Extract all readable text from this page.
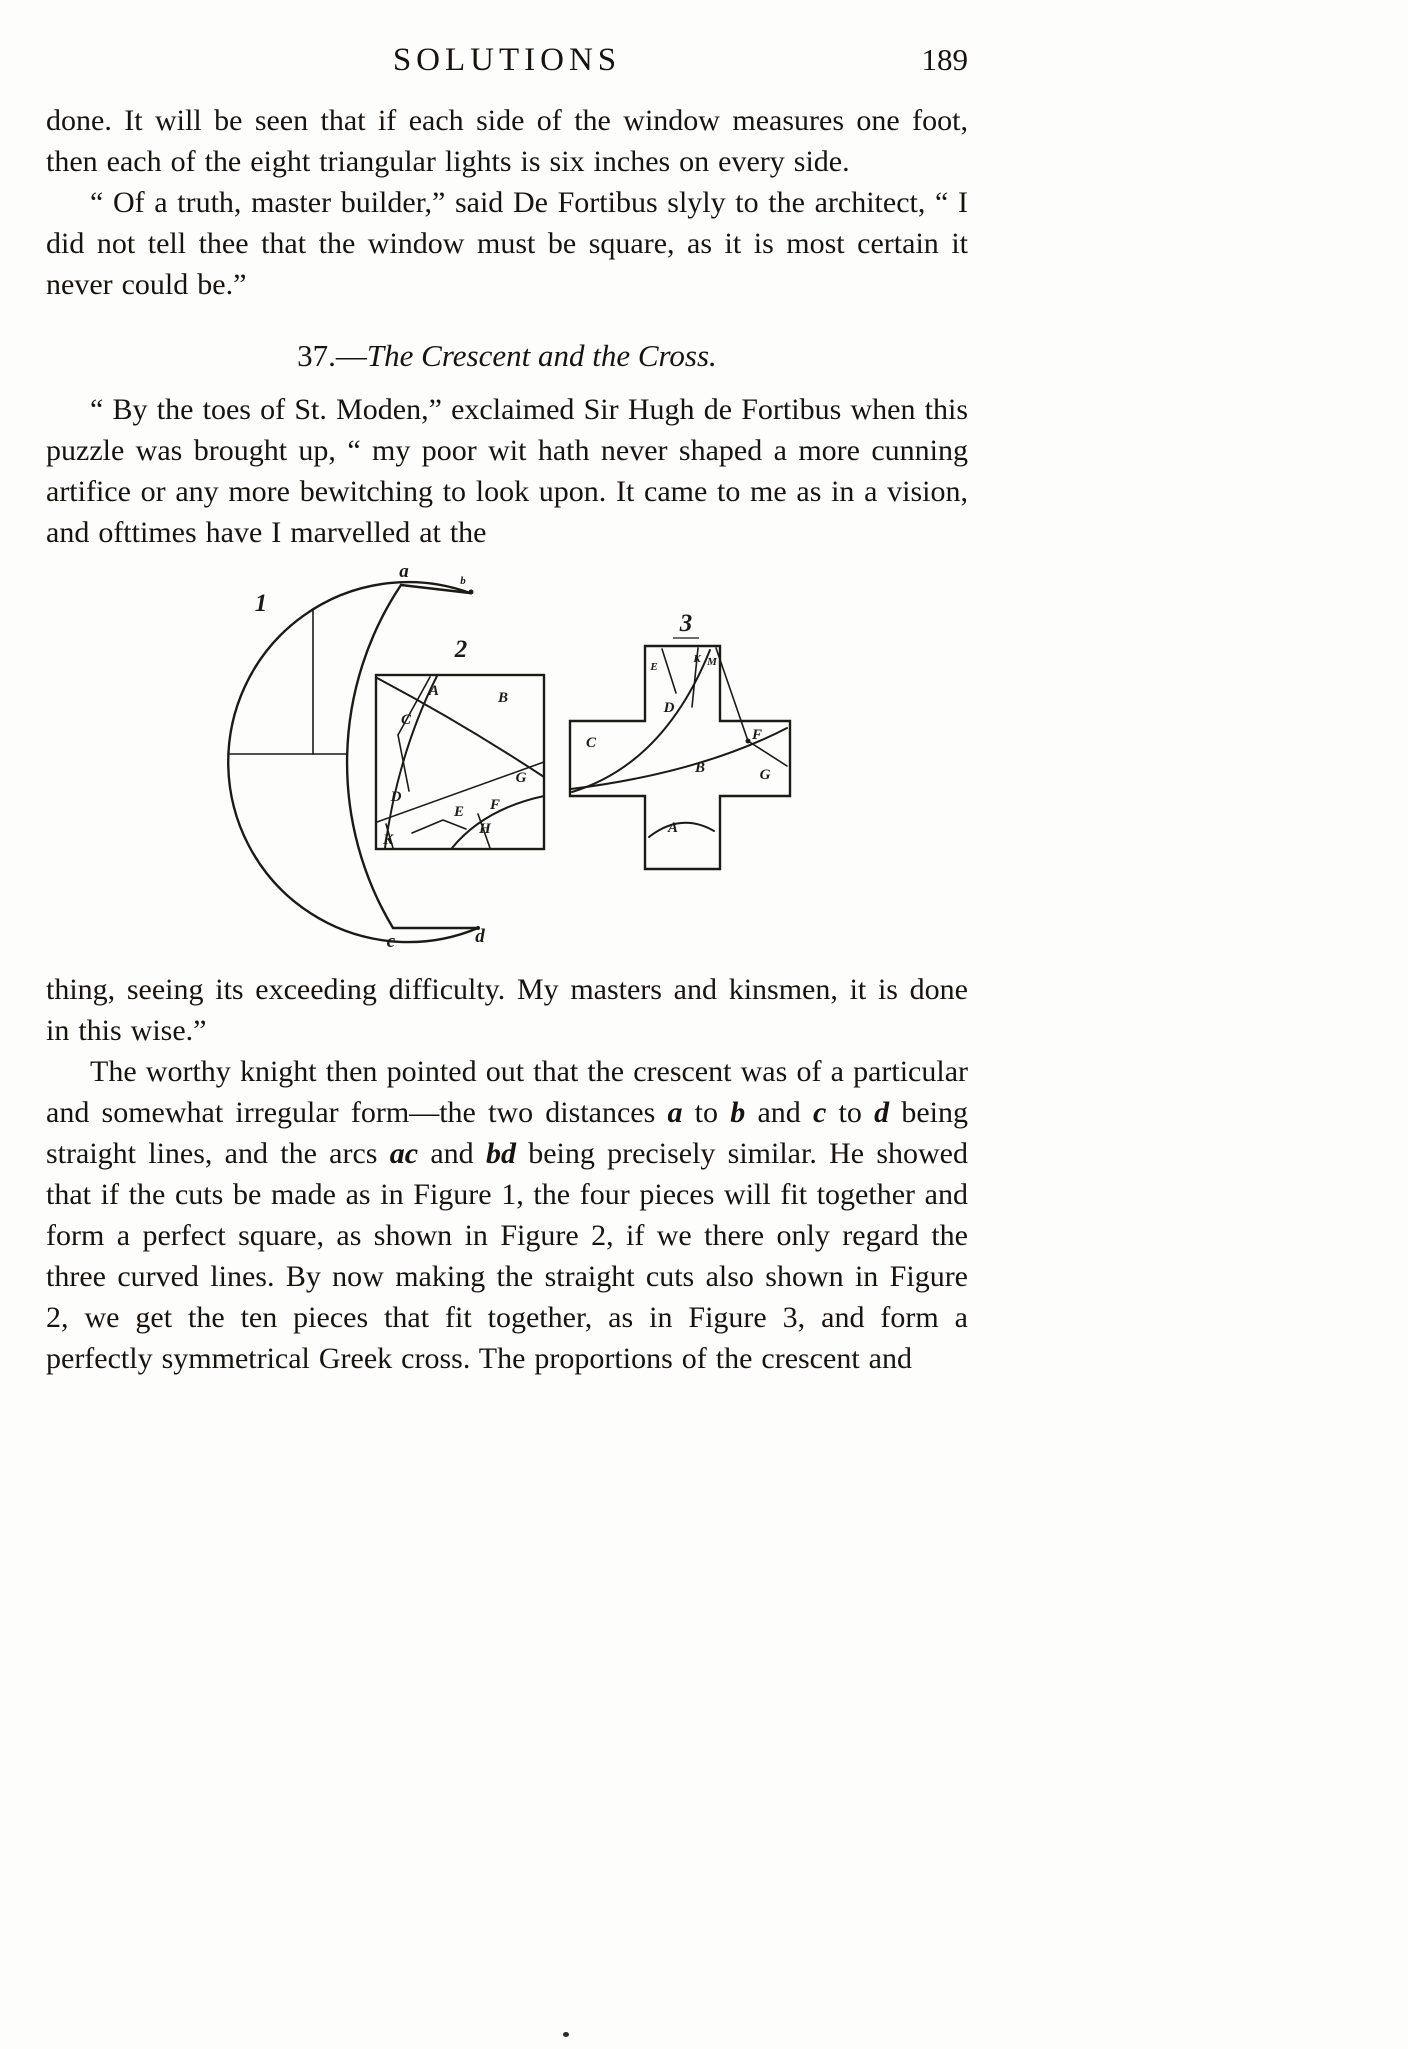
SOLUTIONS	189

done. It will be seen that if each side of the window measures one foot, then each of the eight triangular lights is six inches on every side.

“ Of a truth, master builder,” said De Fortibus slyly to the architect, “ I did not tell thee that the window must be square, as it is most certain it never could be.”

37.—The Crescent and the Cross.

“ By the toes of St. Moden,” exclaimed Sir Hugh de Fortibus when this puzzle was brought up, “ my poor wit hath never shaped a more cunning artifice or any more bewitching to look upon. It came to me as in a vision, and ofttimes have I marvelled at the

1
a	b
c	d
2
A	B
C
D
E F
G
H
K
3
E
K M
D
C
B
A
F
G

thing, seeing its exceeding difficulty. My masters and kinsmen, it is done in this wise.”

The worthy knight then pointed out that the crescent was of a particular and somewhat irregular form—the two distances a to b and c to d being straight lines, and the arcs ac and bd being precisely similar. He showed that if the cuts be made as in Figure 1, the four pieces will fit together and form a perfect square, as shown in Figure 2, if we there only regard the three curved lines. By now making the straight cuts also shown in Figure 2, we get the ten pieces that fit together, as in Figure 3, and form a perfectly symmetrical Greek cross. The proportions of the crescent and
